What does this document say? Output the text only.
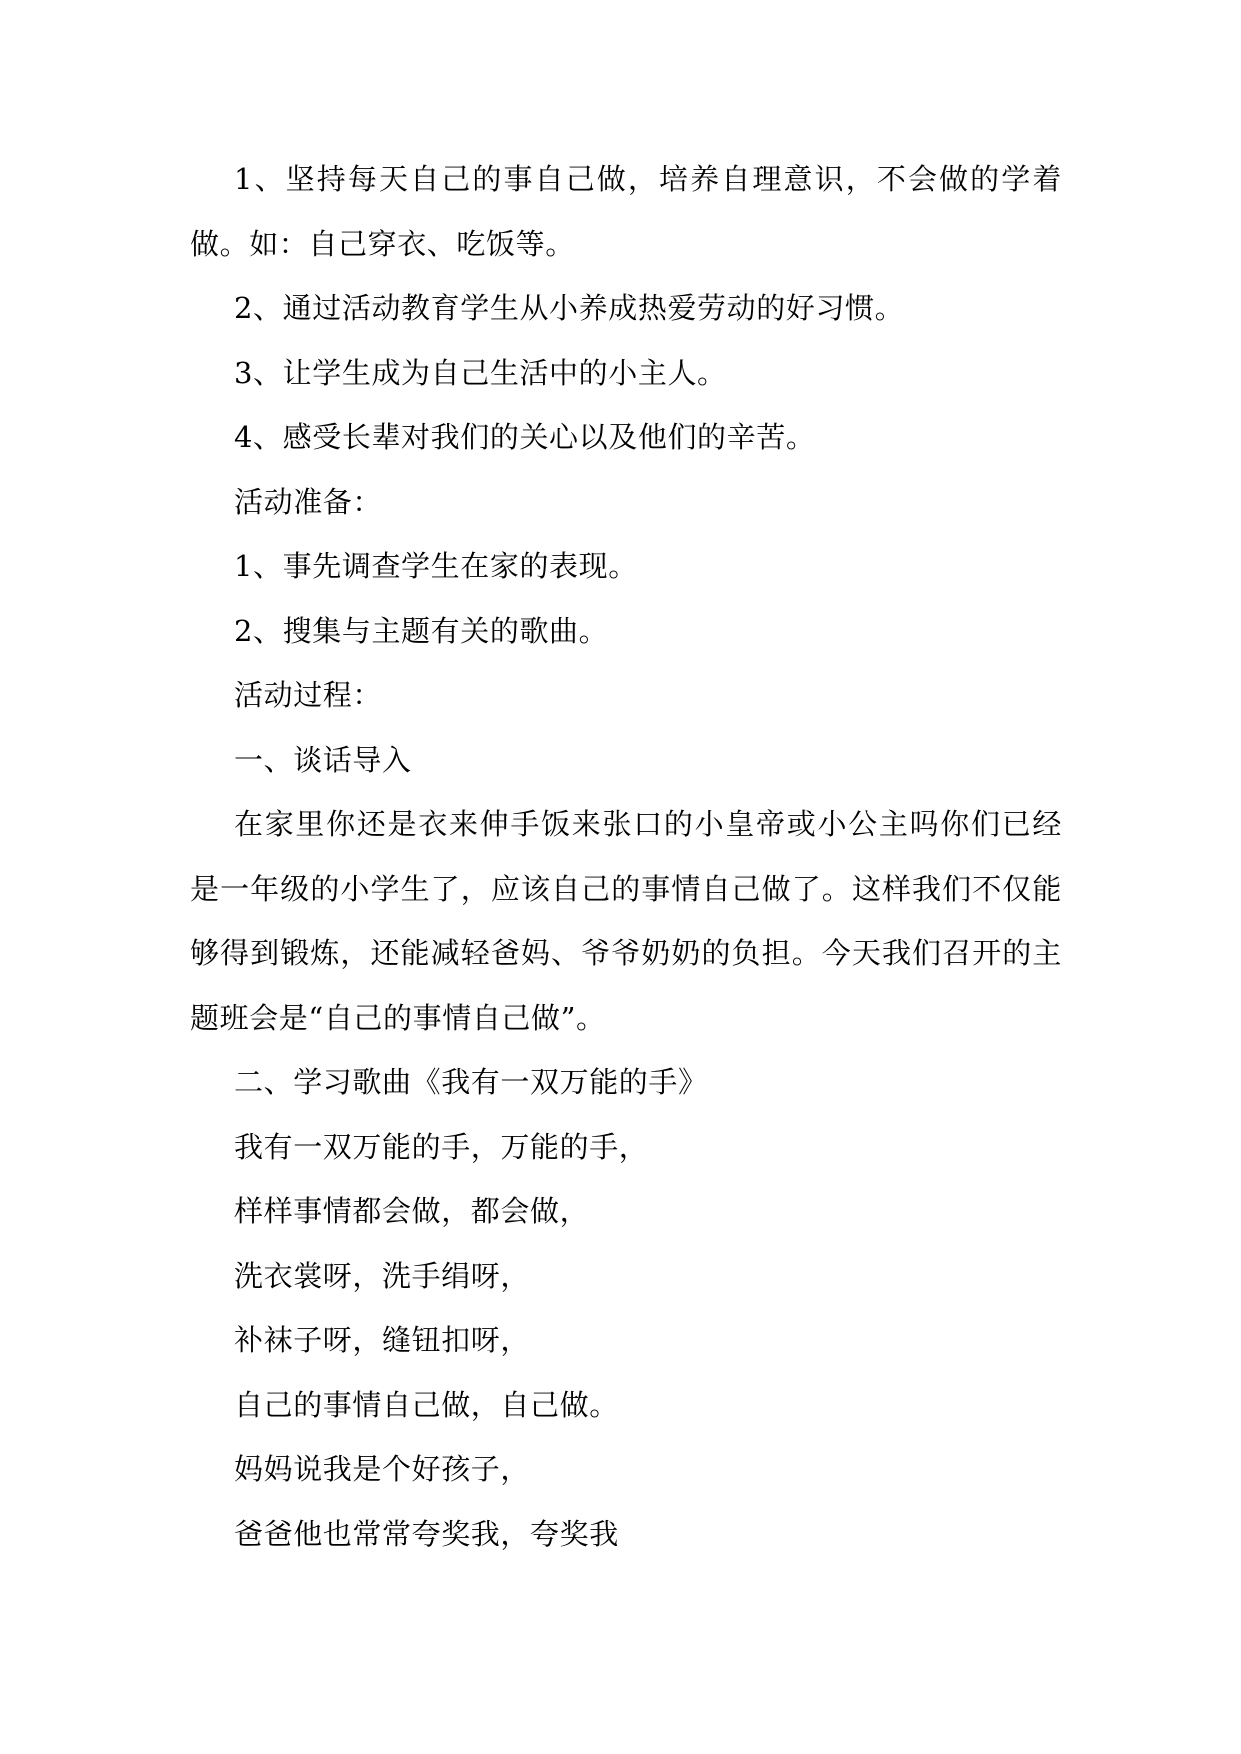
1、坚持每天自己的事自己做，培养自理意识，不会做的学着做。如：自己穿衣、吃饭等。

2、通过活动教育学生从小养成热爱劳动的好习惯。

3、让学生成为自己生活中的小主人。

4、感受长辈对我们的关心以及他们的辛苦。

活动准备：

1、事先调查学生在家的表现。

2、搜集与主题有关的歌曲。

活动过程：

一、谈话导入

在家里你还是衣来伸手饭来张口的小皇帝或小公主吗你们已经是一年级的小学生了，应该自己的事情自己做了。这样我们不仅能够得到锻炼，还能减轻爸妈、爷爷奶奶的负担。今天我们召开的主题班会是“自己的事情自己做”。

二、学习歌曲《我有一双万能的手》

我有一双万能的手，万能的手，

样样事情都会做，都会做，

洗衣裳呀，洗手绢呀，

补袜子呀，缝钮扣呀，

自己的事情自己做，自己做。

妈妈说我是个好孩子，

爸爸他也常常夸奖我，夸奖我
